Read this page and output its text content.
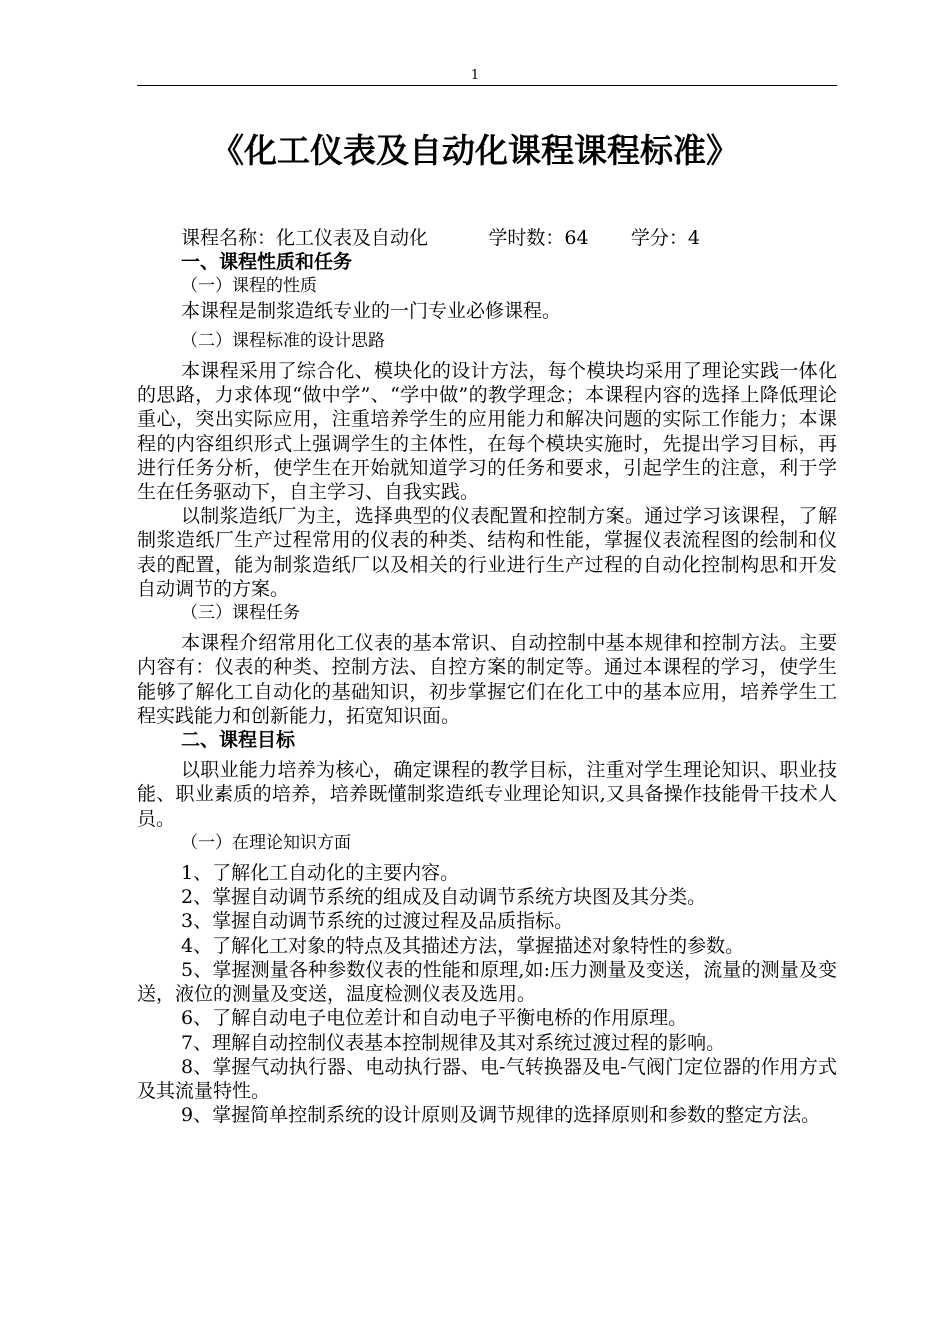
1
《化工仪表及自动化课程课程标准》

课程名称：化工仪表及自动化	学时数：64 学分：4

一、课程性质和任务

（一）课程的性质

本课程是制浆造纸专业的一门专业必修课程。

（二）课程标准的设计思路

本课程采用了综合化、模块化的设计方法，每个模块均采用了理论实践一体化的思路，力求体现“做中学”、“学中做”的教学理念；本课程内容的选择上降低理论重心，突出实际应用，注重培养学生的应用能力和解决问题的实际工作能力；本课程的内容组织形式上强调学生的主体性，在每个模块实施时，先提出学习目标，再进行任务分析，使学生在开始就知道学习的任务和要求，引起学生的注意，利于学生在任务驱动下，自主学习、自我实践。

以制浆造纸厂为主，选择典型的仪表配置和控制方案。通过学习该课程，了解制浆造纸厂生产过程常用的仪表的种类、结构和性能，掌握仪表流程图的绘制和仪表的配置，能为制浆造纸厂以及相关的行业进行生产过程的自动化控制构思和开发自动调节的方案。

（三）课程任务

本课程介绍常用化工仪表的基本常识、自动控制中基本规律和控制方法。主要内容有：仪表的种类、控制方法、自控方案的制定等。通过本课程的学习，使学生能够了解化工自动化的基础知识，初步掌握它们在化工中的基本应用，培养学生工程实践能力和创新能力，拓宽知识面。

二、课程目标

以职业能力培养为核心，确定课程的教学目标，注重对学生理论知识、职业技能、职业素质的培养，培养既懂制浆造纸专业理论知识,又具备操作技能骨干技术人员。

（一）在理论知识方面

1、了解化工自动化的主要内容。

2、掌握自动调节系统的组成及自动调节系统方块图及其分类。

3、掌握自动调节系统的过渡过程及品质指标。

4、了解化工对象的特点及其描述方法，掌握描述对象特性的参数。

5、掌握测量各种参数仪表的性能和原理,如:压力测量及变送，流量的测量及变送，液位的测量及变送，温度检测仪表及选用。

6、了解自动电子电位差计和自动电子平衡电桥的作用原理。

7、理解自动控制仪表基本控制规律及其对系统过渡过程的影响。

8、掌握气动执行器、电动执行器、电-气转换器及电-气阀门定位器的作用方式及其流量特性。

9、掌握简单控制系统的设计原则及调节规律的选择原则和参数的整定方法。
